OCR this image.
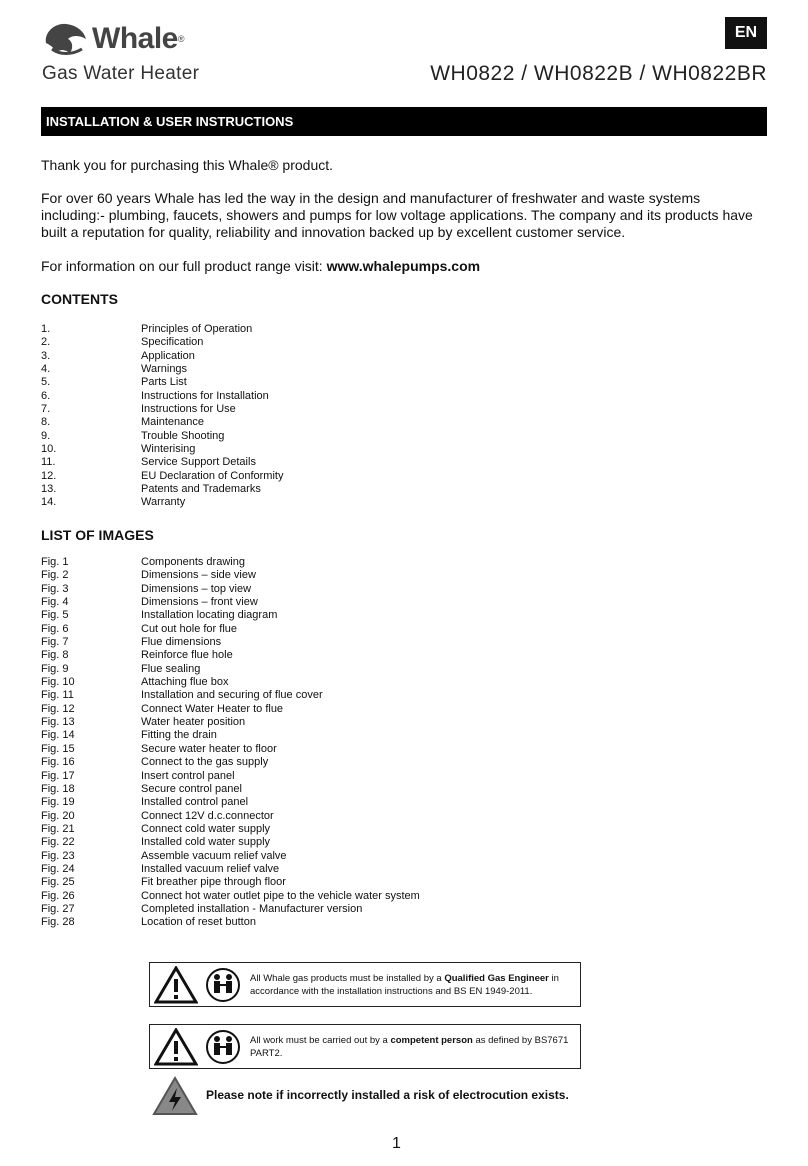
Whale ®
Gas Water Heater
EN
WH0822 / WH0822B / WH0822BR
INSTALLATION & USER INSTRUCTIONS
Thank you for purchasing this Whale® product.
For over 60 years Whale has led the way in the design and manufacturer of freshwater and waste systems including:- plumbing, faucets, showers and pumps for low voltage applications. The company and its products have built a reputation for quality, reliability and innovation backed up by excellent customer service.
For information on our full product range visit: www.whalepumps.com
CONTENTS
1.	Principles of Operation
2.	Specification
3.	Application
4.	Warnings
5.	Parts List
6.	Instructions for Installation
7.	Instructions for Use
8.	Maintenance
9.	Trouble Shooting
10.	Winterising
11.	Service Support Details
12.	EU Declaration of Conformity
13.	Patents and Trademarks
14.	Warranty
LIST OF IMAGES
Fig. 1	Components drawing
Fig. 2	Dimensions – side view
Fig. 3	Dimensions – top view
Fig. 4	Dimensions – front view
Fig. 5	Installation locating diagram
Fig. 6	Cut out hole for flue
Fig. 7	Flue dimensions
Fig. 8	Reinforce flue hole
Fig. 9	Flue sealing
Fig. 10	Attaching flue box
Fig. 11	Installation and securing of flue cover
Fig. 12	Connect Water Heater to flue
Fig. 13	Water heater position
Fig. 14	Fitting the drain
Fig. 15	Secure water heater to floor
Fig. 16	Connect to the gas supply
Fig. 17	Insert control panel
Fig. 18	Secure control panel
Fig. 19	Installed control panel
Fig. 20	Connect 12V d.c.connector
Fig. 21	Connect cold water supply
Fig. 22	Installed cold water supply
Fig. 23	Assemble vacuum relief valve
Fig. 24	Installed vacuum relief valve
Fig. 25	Fit breather pipe through floor
Fig. 26	Connect hot water outlet pipe to the vehicle water system
Fig. 27	Completed installation - Manufacturer version
Fig. 28	Location of reset button
All Whale gas products must be installed by a Qualified Gas Engineer in accordance with the installation instructions and BS EN 1949-2011.
All work must be carried out by a competent person as defined by BS7671 PART2.
Please note if incorrectly installed a risk of electrocution exists.
1
